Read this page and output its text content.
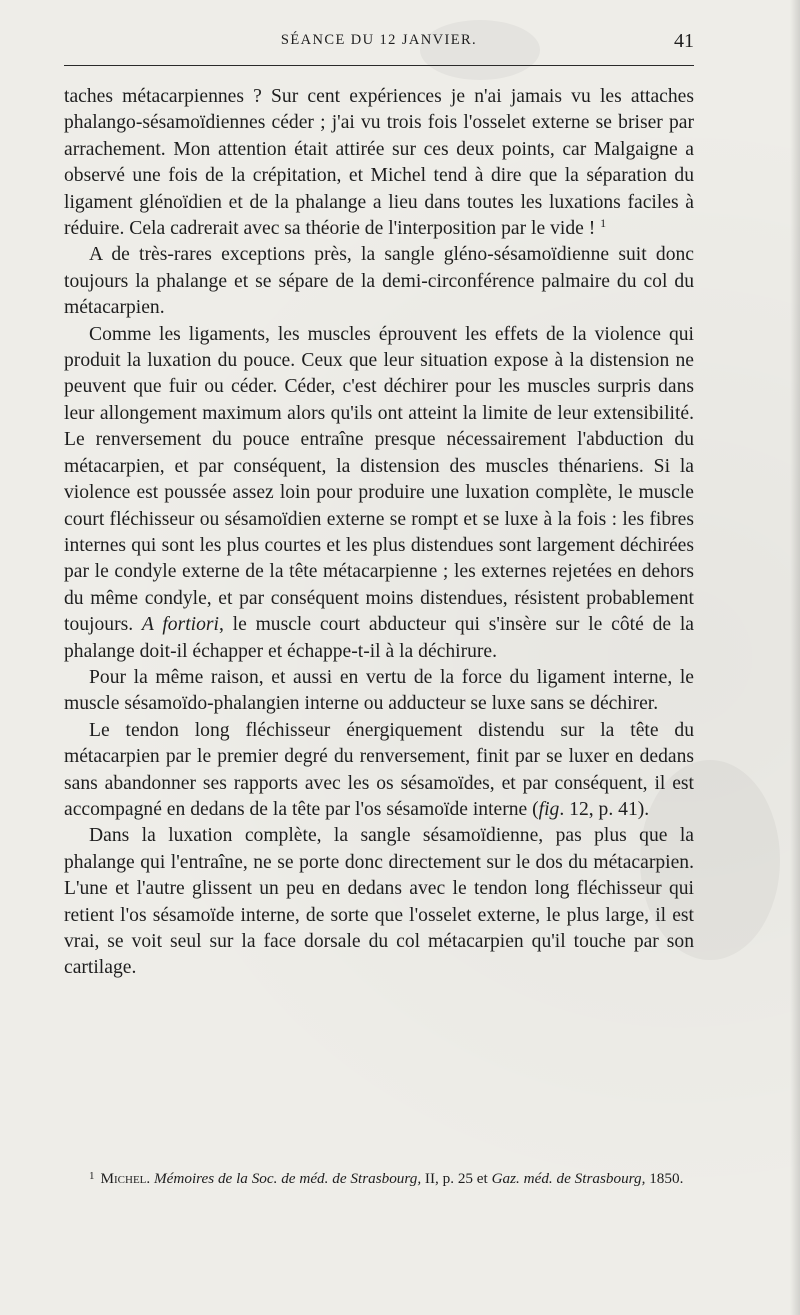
SÉANCE DU 12 JANVIER.	41

taches métacarpiennes ? Sur cent expériences je n'ai jamais vu les attaches phalango-sésamoïdiennes céder ; j'ai vu trois fois l'osselet externe se briser par arrachement. Mon attention était attirée sur ces deux points, car Malgaigne a observé une fois de la crépitation, et Michel tend à dire que la séparation du ligament glénoïdien et de la phalange a lieu dans toutes les luxations faciles à réduire. Cela cadrerait avec sa théorie de l'interposition par le vide ! $^1$

A de très-rares exceptions près, la sangle gléno-sésamoïdienne suit donc toujours la phalange et se sépare de la demi-circonférence palmaire du col du métacarpien.

Comme les ligaments, les muscles éprouvent les effets de la violence qui produit la luxation du pouce. Ceux que leur situation expose à la distension ne peuvent que fuir ou céder. Céder, c'est déchirer pour les muscles surpris dans leur allongement maximum alors qu'ils ont atteint la limite de leur extensibilité. Le renversement du pouce entraîne presque nécessairement l'abduction du métacarpien, et par conséquent, la distension des muscles thénariens. Si la violence est poussée assez loin pour produire une luxation complète, le muscle court fléchisseur ou sésamoïdien externe se rompt et se luxe à la fois : les fibres internes qui sont les plus courtes et les plus distendues sont largement déchirées par le condyle externe de la tête métacarpienne ; les externes rejetées en dehors du même condyle, et par conséquent moins distendues, résistent probablement toujours. A fortiori, le muscle court abducteur qui s'insère sur le côté de la phalange doit-il échapper et échappe-t-il à la déchirure.

Pour la même raison, et aussi en vertu de la force du ligament interne, le muscle sésamoïdo-phalangien interne ou adducteur se luxe sans se déchirer.

Le tendon long fléchisseur énergiquement distendu sur la tête du métacarpien par le premier degré du renversement, finit par se luxer en dedans sans abandonner ses rapports avec les os sésamoïdes, et par conséquent, il est accompagné en dedans de la tête par l'os sésamoïde interne (fig. 12, p. 41).

Dans la luxation complète, la sangle sésamoïdienne, pas plus que la phalange qui l'entraîne, ne se porte donc directement sur le dos du métacarpien. L'une et l'autre glissent un peu en dedans avec le tendon long fléchisseur qui retient l'os sésamoïde interne, de sorte que l'osselet externe, le plus large, il est vrai, se voit seul sur la face dorsale du col métacarpien qu'il touche par son cartilage.

$^1$ Michel. Mémoires de la Soc. de méd. de Strasbourg, II, p. 25 et Gaz. méd. de Strasbourg, 1850.
